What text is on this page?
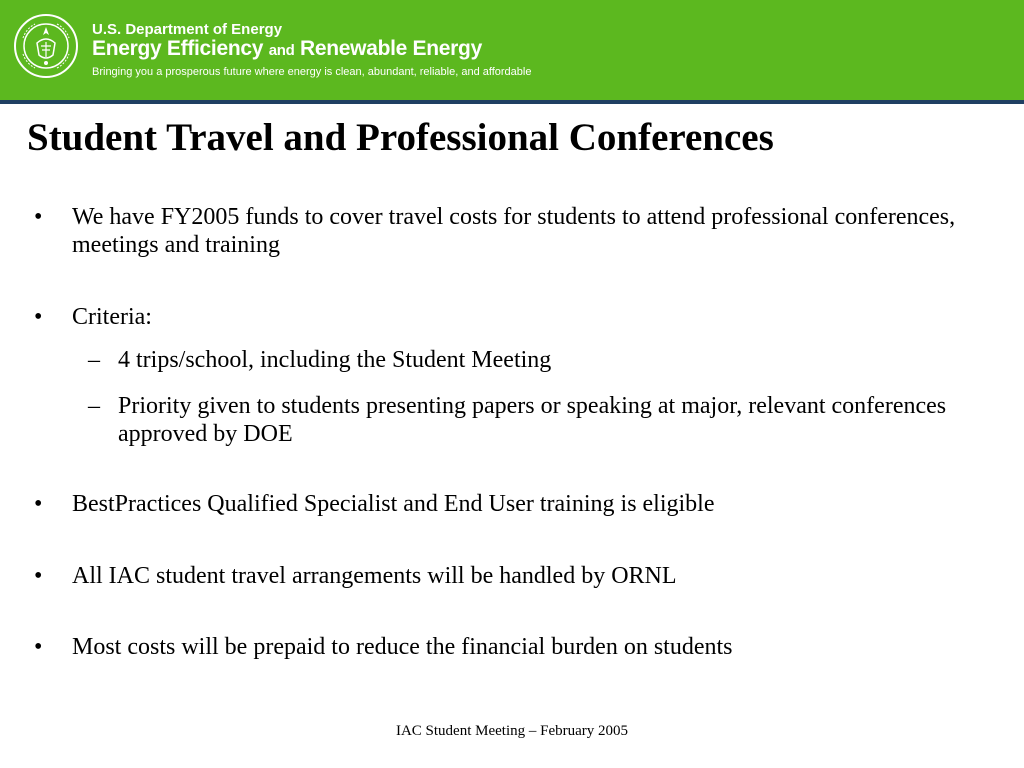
U.S. Department of Energy
Energy Efficiency and Renewable Energy
Bringing you a prosperous future where energy is clean, abundant, reliable, and affordable
Student Travel and Professional Conferences
• We have FY2005 funds to cover travel costs for students to attend professional conferences, meetings and training
• Criteria:
– 4 trips/school, including the Student Meeting
– Priority given to students presenting papers or speaking at major, relevant conferences approved by DOE
• BestPractices Qualified Specialist and End User training is eligible
• All IAC student travel arrangements will be handled by ORNL
• Most costs will be prepaid to reduce the financial burden on students
IAC Student Meeting – February 2005
